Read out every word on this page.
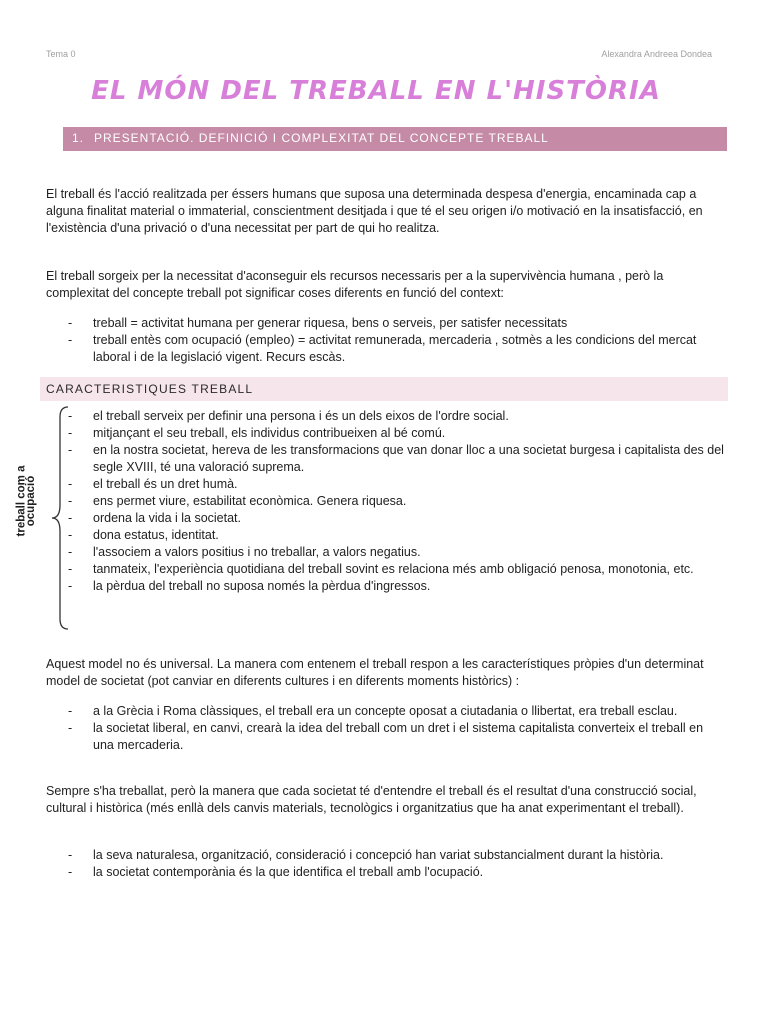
Tema 0	Alexandra Andreea Dondea
EL MÓN DEL TREBALL EN L'HISTÒRIA
1. PRESENTACIÓ. DEFINICIÓ I COMPLEXITAT DEL CONCEPTE TREBALL

El treball és l'acció realitzada per éssers humans que suposa una determinada despesa d'energia, encaminada cap a alguna finalitat material o immaterial, conscientment desitjada i que té el seu origen i/o motivació en la insatisfacció, en l'existència d'una privació o d'una necessitat per part de qui ho realitza.

El treball sorgeix per la necessitat d'aconseguir els recursos necessaris per a la supervivència humana , però la complexitat del concepte treball pot significar coses diferents en funció del context:

- treball = activitat humana per generar riquesa, bens o serveis, per satisfer necessitats
- treball entès com ocupació (empleo) = activitat remunerada, mercaderia , sotmès a les condicions del mercat laboral i de la legislació vigent. Recurs escàs.
CARACTERISTIQUES TREBALL
treball com a
ocupació
- el treball serveix per definir una persona i és un dels eixos de l'ordre social.
- mitjançant el seu treball, els individus contribueixen al bé comú.
- en la nostra societat, hereva de les transformacions que van donar lloc a una societat burgesa i capitalista des del segle XVIII, té una valoració suprema.
- el treball és un dret humà.
- ens permet viure, estabilitat econòmica. Genera riquesa.
- ordena la vida i la societat.
- dona estatus, identitat.
- l'associem a valors positius i no treballar, a valors negatius.
- tanmateix, l'experiència quotidiana del treball sovint es relaciona més amb obligació penosa, monotonia, etc.
- la pèrdua del treball no suposa només la pèrdua d'ingressos.

Aquest model no és universal. La manera com entenem el treball respon a les característiques pròpies d'un determinat model de societat (pot canviar en diferents cultures i en diferents moments històrics) :

- a la Grècia i Roma clàssiques, el treball era un concepte oposat a ciutadania o llibertat, era treball esclau.
- la societat liberal, en canvi, crearà la idea del treball com un dret i el sistema capitalista converteix el treball en una mercaderia.

Sempre s'ha treballat, però la manera que cada societat té d'entendre el treball és el resultat d'una construcció social, cultural i històrica (més enllà dels canvis materials, tecnològics i organitzatius que ha anat experimentant el treball).

- la seva naturalesa, organització, consideració i concepció han variat substancialment durant la història.
- la societat contemporània és la que identifica el treball amb l'ocupació.
